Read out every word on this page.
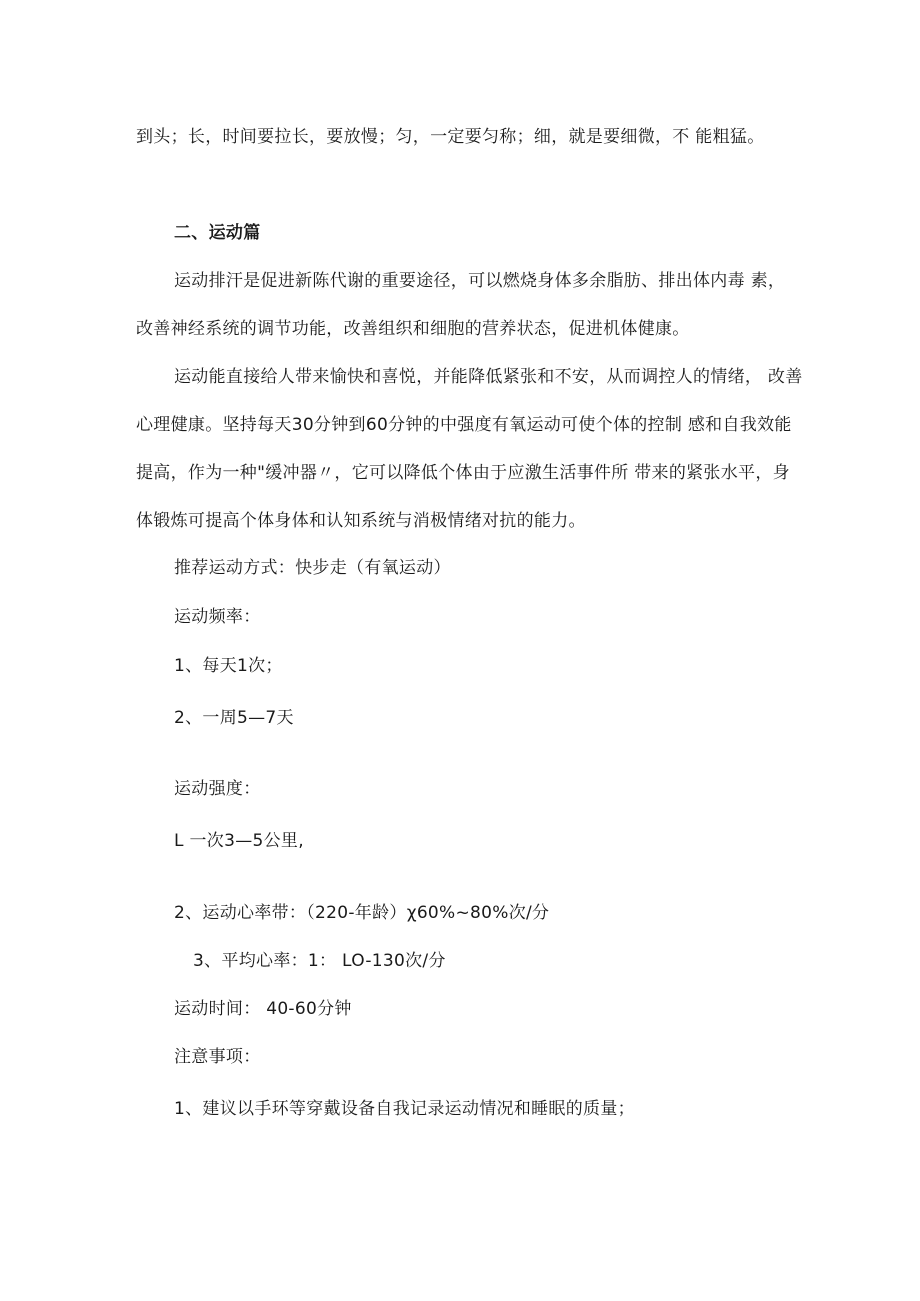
到头；长，时间要拉长，要放慢；匀，一定要匀称；细，就是要细微，不 能粗猛。
二、运动篇
运动排汗是促进新陈代谢的重要途径，可以燃烧身体多余脂肪、排出体内毒 素，
改善神经系统的调节功能，改善组织和细胞的营养状态，促进机体健康。
运动能直接给人带来愉快和喜悦，并能降低紧张和不安，从而调控人的情绪， 改善
心理健康。坚持每天30分钟到60分钟的中强度有氧运动可使个体的控制 感和自我效能
提高，作为一种"缓冲器〃，它可以降低个体由于应激生活事件所 带来的紧张水平，身
体锻炼可提高个体身体和认知系统与消极情绪对抗的能力。
推荐运动方式：快步走（有氧运动）
运动频率：
1、每天1次；
2、一周5—7天
运动强度：
L 一次3—5公里,
2、运动心率带：（220-年龄）χ60%~80%次/分
3、平均心率：1： LO-130次/分
运动时间： 40-60分钟
注意事项：
1、建议以手环等穿戴设备自我记录运动情况和睡眠的质量；
